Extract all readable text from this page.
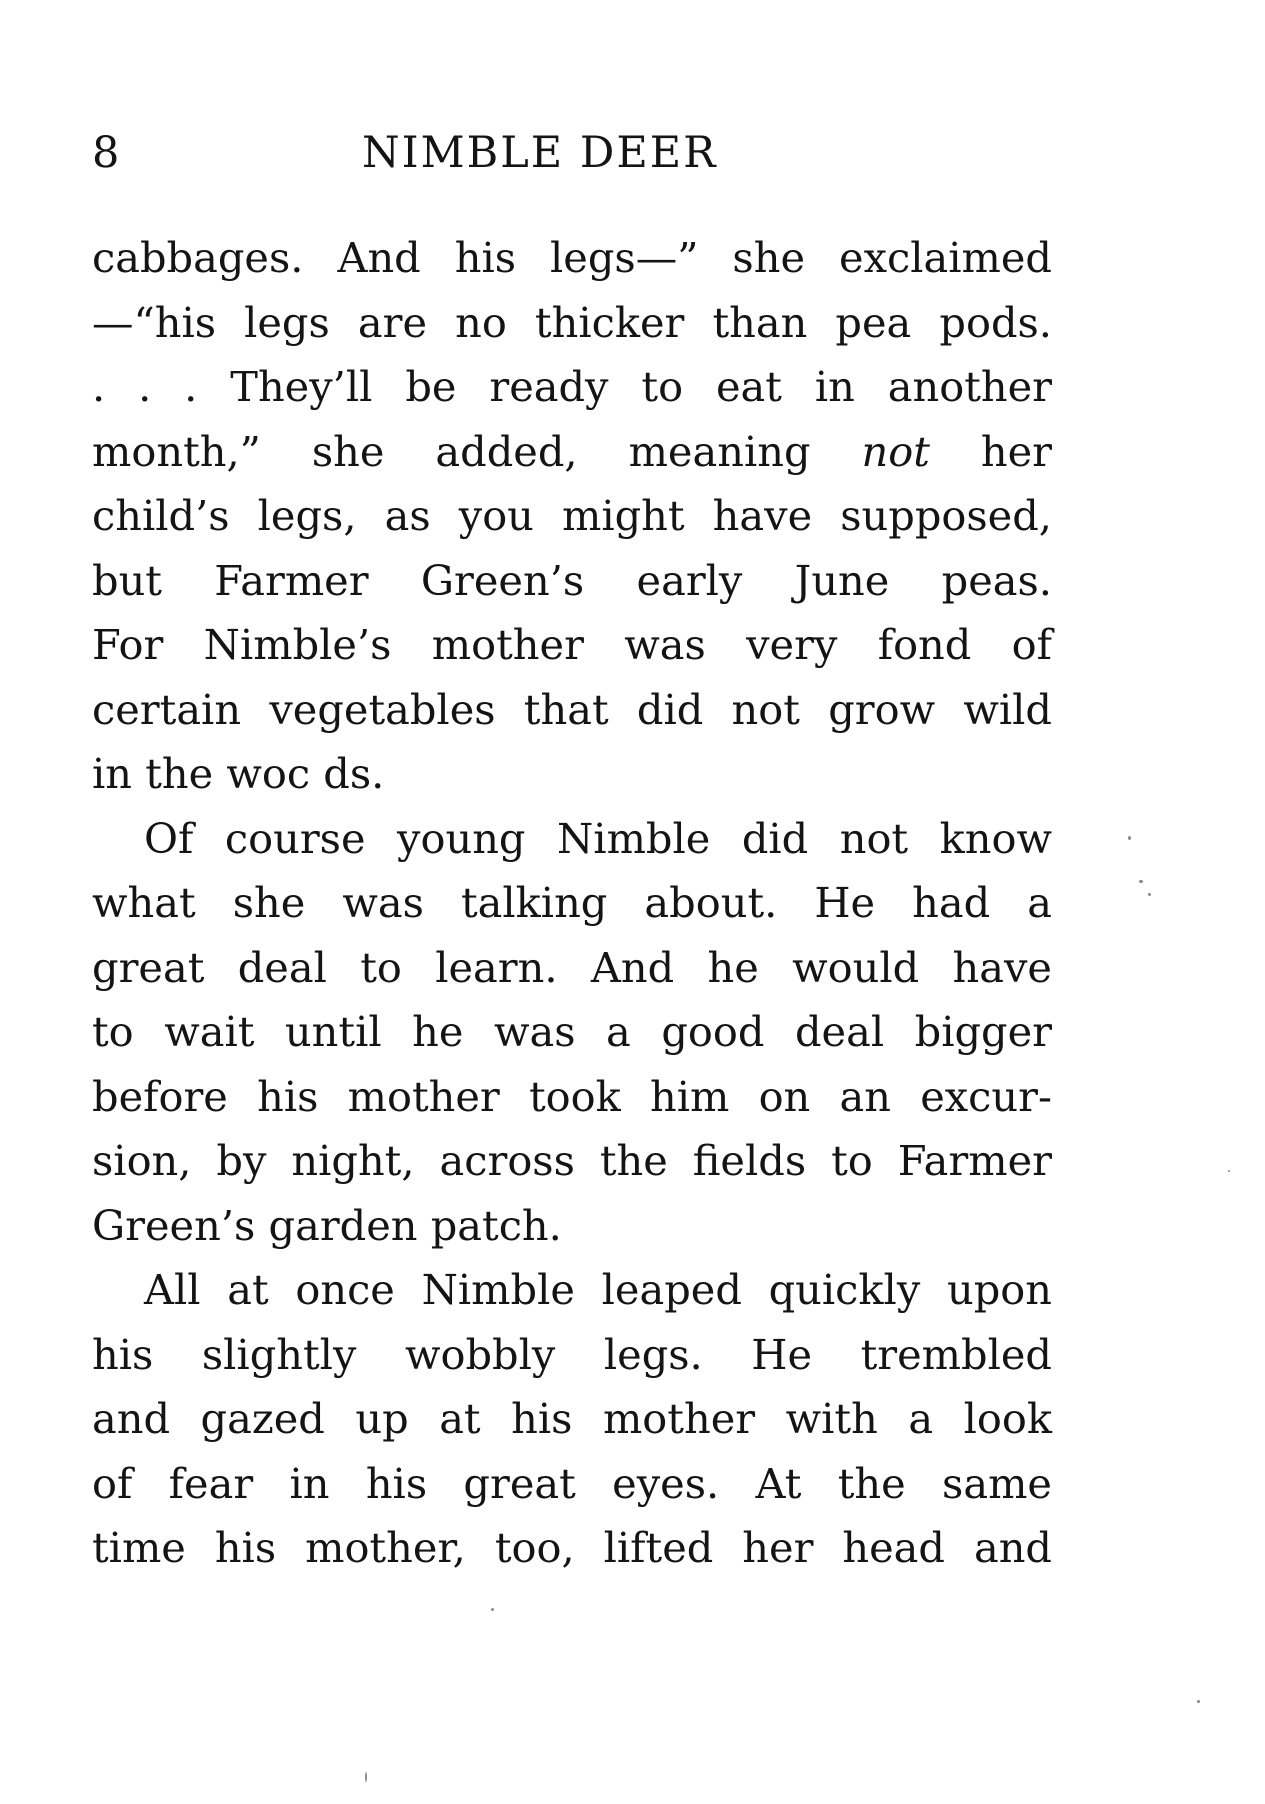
8	NIMBLE DEER
cabbages. And his legs—” she exclaimed
—“his legs are no thicker than pea pods.
. . . They’ll be ready to eat in another
month,” she added, meaning not her
child’s legs, as you might have supposed,
but Farmer Green’s early June peas.
For Nimble’s mother was very fond of
certain vegetables that did not grow wild
in the woc ds.
Of course young Nimble did not know
what she was talking about. He had a
great deal to learn. And he would have
to wait until he was a good deal bigger
before his mother took him on an excur-
sion, by night, across the fields to Farmer
Green’s garden patch.
All at once Nimble leaped quickly upon
his slightly wobbly legs. He trembled
and gazed up at his mother with a look
of fear in his great eyes. At the same
time his mother, too, lifted her head and
